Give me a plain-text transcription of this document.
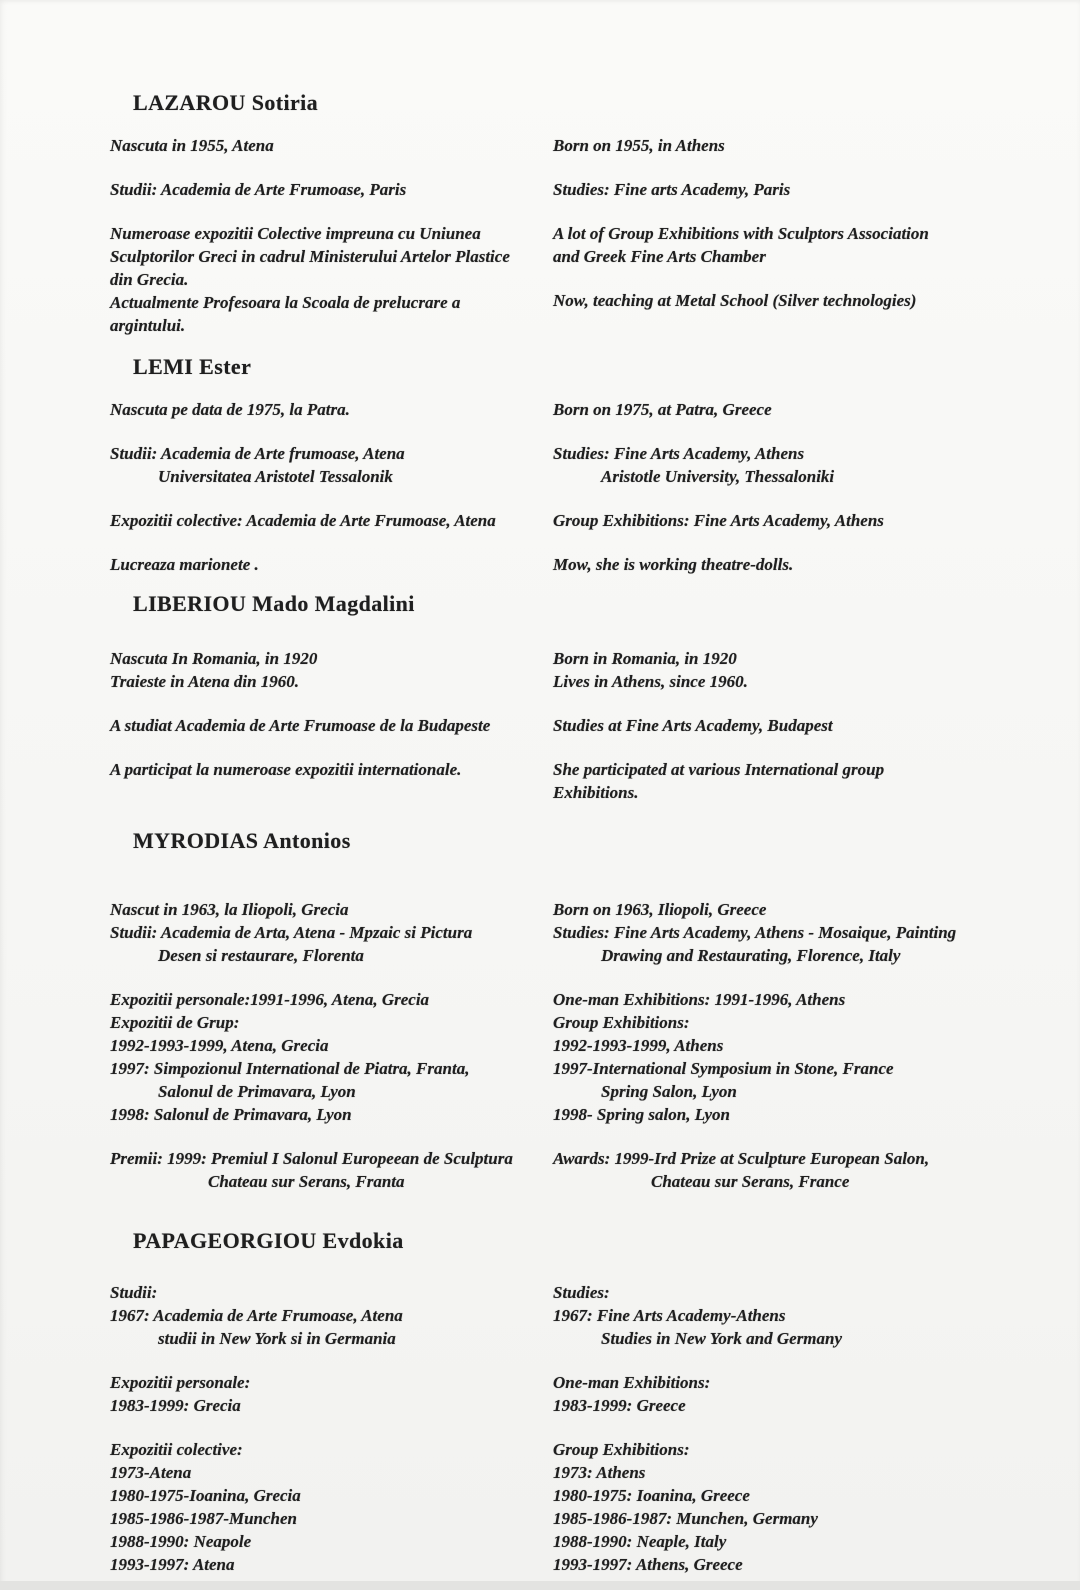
LAZAROU Sotiria
Nascuta in 1955, Atena
Studii: Academia de Arte Frumoase, Paris
Numeroase expozitii Colective impreuna cu Uniunea
Sculptorilor Greci in cadrul Ministerului Artelor Plastice
din Grecia.
Actualmente Profesoara la Scoala de prelucrare a
argintului.
Born on 1955, in Athens
Studies: Fine arts Academy, Paris
A lot of Group Exhibitions with Sculptors Association
and Greek Fine Arts Chamber
Now, teaching at Metal School (Silver technologies)
LEMI Ester
Nascuta pe data de 1975, la Patra.
Studii: Academia de Arte frumoase, Atena
Universitatea Aristotel Tessalonik
Expozitii colective: Academia de Arte Frumoase, Atena
Lucreaza marionete .
Born on 1975, at Patra, Greece
Studies: Fine Arts Academy, Athens
Aristotle University, Thessaloniki
Group Exhibitions: Fine Arts Academy, Athens
Mow, she is working theatre-dolls.
LIBERIOU Mado Magdalini
Nascuta In Romania, in 1920
Traieste in Atena din 1960.
A studiat Academia de Arte Frumoase de la Budapeste
A participat la numeroase expozitii internationale.
Born in Romania, in 1920
Lives in Athens, since 1960.
Studies at Fine Arts Academy, Budapest
She participated at various International group
Exhibitions.
MYRODIAS Antonios
Nascut in 1963, la Iliopoli, Grecia
Studii: Academia de Arta, Atena - Mpzaic si Pictura
Desen si restaurare, Florenta
Expozitii personale:1991-1996, Atena, Grecia
Expozitii de Grup:
1992-1993-1999, Atena, Grecia
1997: Simpozionul International de Piatra, Franta,
Salonul de Primavara, Lyon
1998: Salonul de Primavara, Lyon
Premii: 1999: Premiul I Salonul Europeean de Sculptura
Chateau sur Serans, Franta
Born on 1963, Iliopoli, Greece
Studies: Fine Arts Academy, Athens - Mosaique, Painting
Drawing and Restaurating, Florence, Italy
One-man Exhibitions: 1991-1996, Athens
Group Exhibitions:
1992-1993-1999, Athens
1997-International Symposium in Stone, France
Spring Salon, Lyon
1998- Spring salon, Lyon
Awards: 1999-Ird Prize at Sculpture European Salon,
Chateau sur Serans, France
PAPAGEORGIOU Evdokia
Studii:
1967: Academia de Arte Frumoase, Atena
studii in New York si in Germania
Expozitii personale:
1983-1999: Grecia
Expozitii colective:
1973-Atena
1980-1975-Ioanina, Grecia
1985-1986-1987-Munchen
1988-1990: Neapole
1993-1997: Atena
Studies:
1967: Fine Arts Academy-Athens
Studies in New York and Germany
One-man Exhibitions:
1983-1999: Greece
Group Exhibitions:
1973: Athens
1980-1975: Ioanina, Greece
1985-1986-1987: Munchen, Germany
1988-1990: Neaple, Italy
1993-1997: Athens, Greece
